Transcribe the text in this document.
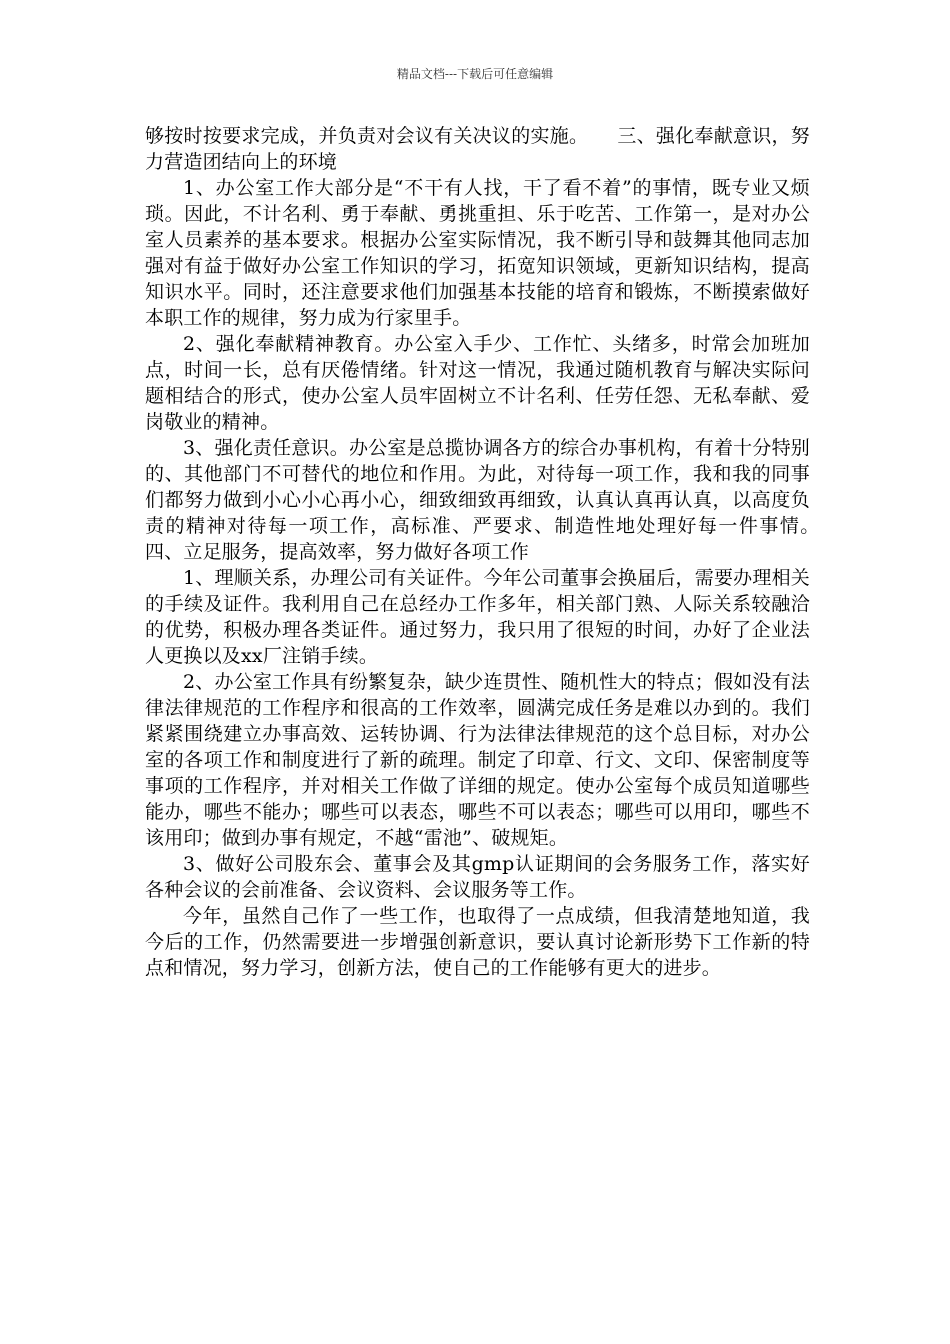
精品文档---下载后可任意编辑

够按时按要求完成，并负责对会议有关决议的实施。　　三、强化奉献意识，努力营造团结向上的环境

1、办公室工作大部分是“不干有人找，干了看不着”的事情，既专业又烦琐。因此，不计名利、勇于奉献、勇挑重担、乐于吃苦、工作第一，是对办公室人员素养的基本要求。根据办公室实际情况，我不断引导和鼓舞其他同志加强对有益于做好办公室工作知识的学习，拓宽知识领域，更新知识结构，提高知识水平。同时，还注意要求他们加强基本技能的培育和锻炼，不断摸索做好本职工作的规律，努力成为行家里手。

2、强化奉献精神教育。办公室入手少、工作忙、头绪多，时常会加班加点，时间一长，总有厌倦情绪。针对这一情况，我通过随机教育与解决实际问题相结合的形式，使办公室人员牢固树立不计名利、任劳任怨、无私奉献、爱岗敬业的精神。

3、强化责任意识。办公室是总揽协调各方的综合办事机构，有着十分特别的、其他部门不可替代的地位和作用。为此，对待每一项工作，我和我的同事们都努力做到小心小心再小心，细致细致再细致，认真认真再认真，以高度负责的精神对待每一项工作，高标准、严要求、制造性地处理好每一件事情。　　四、立足服务，提高效率，努力做好各项工作

1、理顺关系，办理公司有关证件。今年公司董事会换届后，需要办理相关的手续及证件。我利用自己在总经办工作多年，相关部门熟、人际关系较融洽的优势，积极办理各类证件。通过努力，我只用了很短的时间，办好了企业法人更换以及xx厂注销手续。

2、办公室工作具有纷繁复杂，缺少连贯性、随机性大的特点；假如没有法律法律规范的工作程序和很高的工作效率，圆满完成任务是难以办到的。我们紧紧围绕建立办事高效、运转协调、行为法律法律规范的这个总目标，对办公室的各项工作和制度进行了新的疏理。制定了印章、行文、文印、保密制度等事项的工作程序，并对相关工作做了详细的规定。使办公室每个成员知道哪些能办，哪些不能办；哪些可以表态，哪些不可以表态；哪些可以用印，哪些不该用印；做到办事有规定，不越“雷池”、破规矩。

3、做好公司股东会、董事会及其gmp认证期间的会务服务工作，落实好各种会议的会前准备、会议资料、会议服务等工作。

今年，虽然自己作了一些工作，也取得了一点成绩，但我清楚地知道，我今后的工作，仍然需要进一步增强创新意识，要认真讨论新形势下工作新的特点和情况，努力学习，创新方法，使自己的工作能够有更大的进步。
